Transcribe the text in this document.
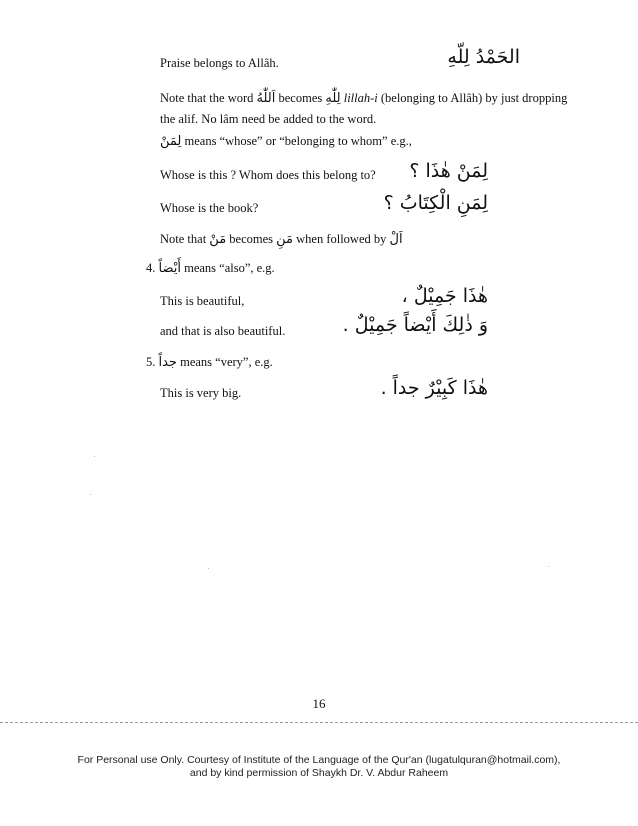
Praise belongs to Allâh.	الحَمْدُ لِلّهِ
Note that the word اَللّٰهُ becomes لِلّٰهِ lillah-i (belonging to Allâh) by just dropping
the alif. No lâm need be added to the word.
لِمَنْ means “whose” or “belonging to whom” e.g.,
Whose is this ? Whom does this belong to? لِمَنْ هٰذَا ؟
Whose is the book?	لِمَنِ الْكِتَابُ ؟
Note that مَنْ becomes مَنِ when followed by اَلْ
4. أَيْضاً means “also”, e.g.
This is beautiful,	هٰذَا جَمِيْلٌ ،
and that is also beautiful.	وَ ذٰلِكَ أَيْضاً جَمِيْلٌ .
5. جداً means “very”, e.g.
This is very big.	هٰذَا كَبِيْرٌ جداً .
16
For Personal use Only. Courtesy of Institute of the Language of the Qur'an (lugatulquran@hotmail.com),
and by kind permission of Shaykh Dr. V. Abdur Raheem
